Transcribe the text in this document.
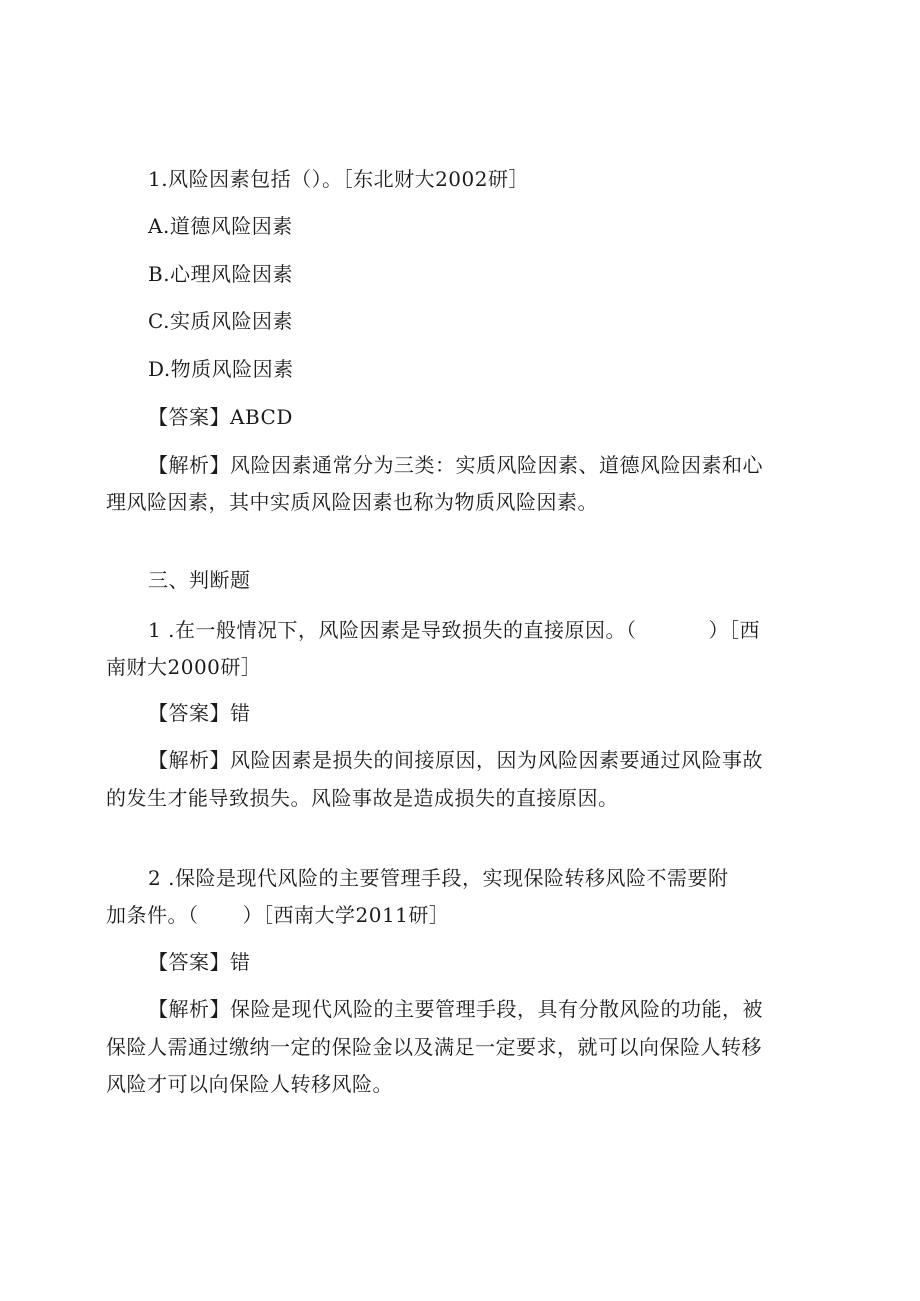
1.风险因素包括（）。［东北财大2002研］
A.道德风险因素
B.心理风险因素
C.实质风险因素
D.物质风险因素
【答案】ABCD
【解析】风险因素通常分为三类：实质风险因素、道德风险因素和心
理风险因素，其中实质风险因素也称为物质风险因素。
三、判断题
1 .在一般情况下，风险因素是导致损失的直接原因。（	）［西
南财大2000研］
【答案】错
【解析】风险因素是损失的间接原因，因为风险因素要通过风险事故
的发生才能导致损失。风险事故是造成损失的直接原因。
2 .保险是现代风险的主要管理手段，实现保险转移风险不需要附
加条件。（ ）［西南大学2011研］
【答案】错
【解析】保险是现代风险的主要管理手段，具有分散风险的功能，被
保险人需通过缴纳一定的保险金以及满足一定要求，就可以向保险人转移
风险才可以向保险人转移风险。
